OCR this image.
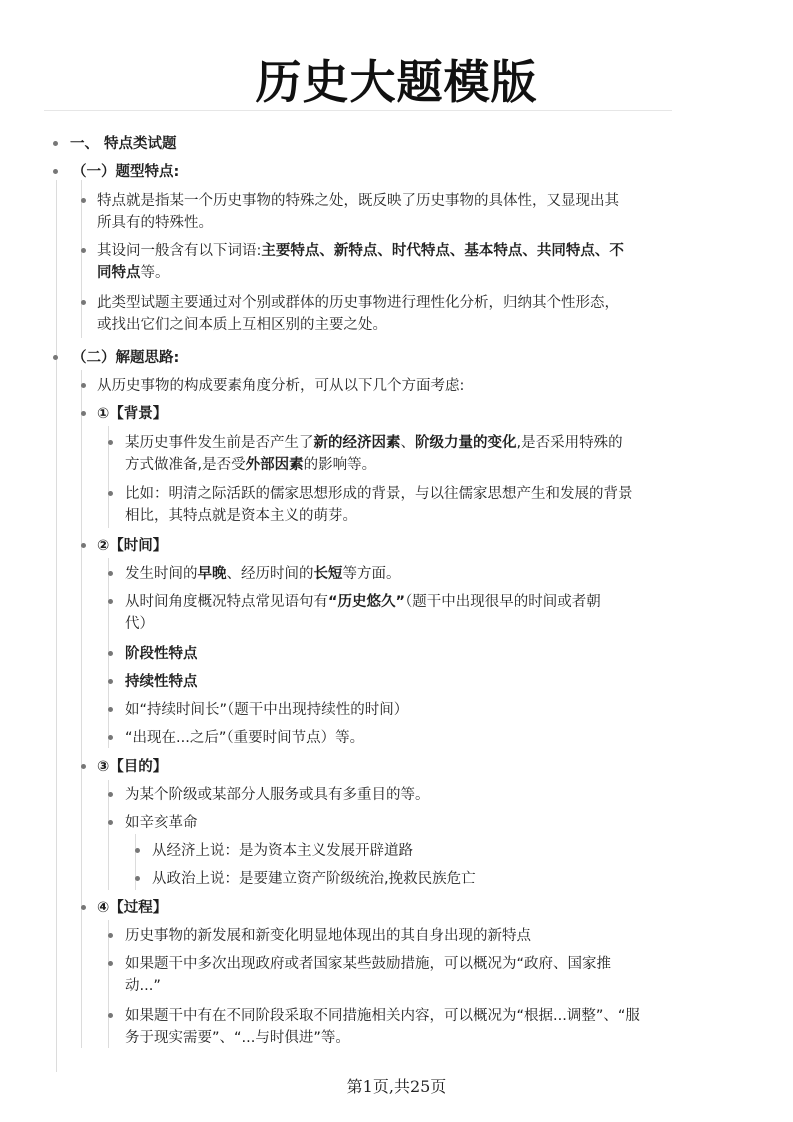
历史大题模版
一、 特点类试题
（一）题型特点:
特点就是指某一个历史事物的特殊之处，既反映了历史事物的具体性，又显现出其
所具有的特殊性。
其设问一般含有以下词语:主要特点、新特点、时代特点、基本特点、共同特点、不
同特点等。
此类型试题主要通过对个别或群体的历史事物进行理性化分析，归纳其个性形态，
或找出它们之间本质上互相区别的主要之处。
（二）解题思路:
从历史事物的构成要素角度分析，可从以下几个方面考虑:
①【背景】
某历史事件发生前是否产生了新的经济因素、阶级力量的变化,是否采用特殊的
方式做准备,是否受外部因素的影响等。
比如：明清之际活跃的儒家思想形成的背景，与以往儒家思想产生和发展的背景
相比，其特点就是资本主义的萌芽。
②【时间】
发生时间的早晚、经历时间的长短等方面。
从时间角度概况特点常见语句有“历史悠久”（题干中出现很早的时间或者朝
代）
阶段性特点
持续性特点
如“持续时间长”（题干中出现持续性的时间）
“出现在...之后”（重要时间节点）等。
③【目的】
为某个阶级或某部分人服务或具有多重目的等。
如辛亥革命
从经济上说：是为资本主义发展开辟道路
从政治上说：是要建立资产阶级统治,挽救民族危亡
④【过程】
历史事物的新发展和新变化明显地体现出的其自身出现的新特点
如果题干中多次出现政府或者国家某些鼓励措施，可以概况为“政府、国家推
动...”
如果题干中有在不同阶段采取不同措施相关内容，可以概况为“根据...调整”、“服
务于现实需要”、“...与时俱进”等。
第1页,共25页
